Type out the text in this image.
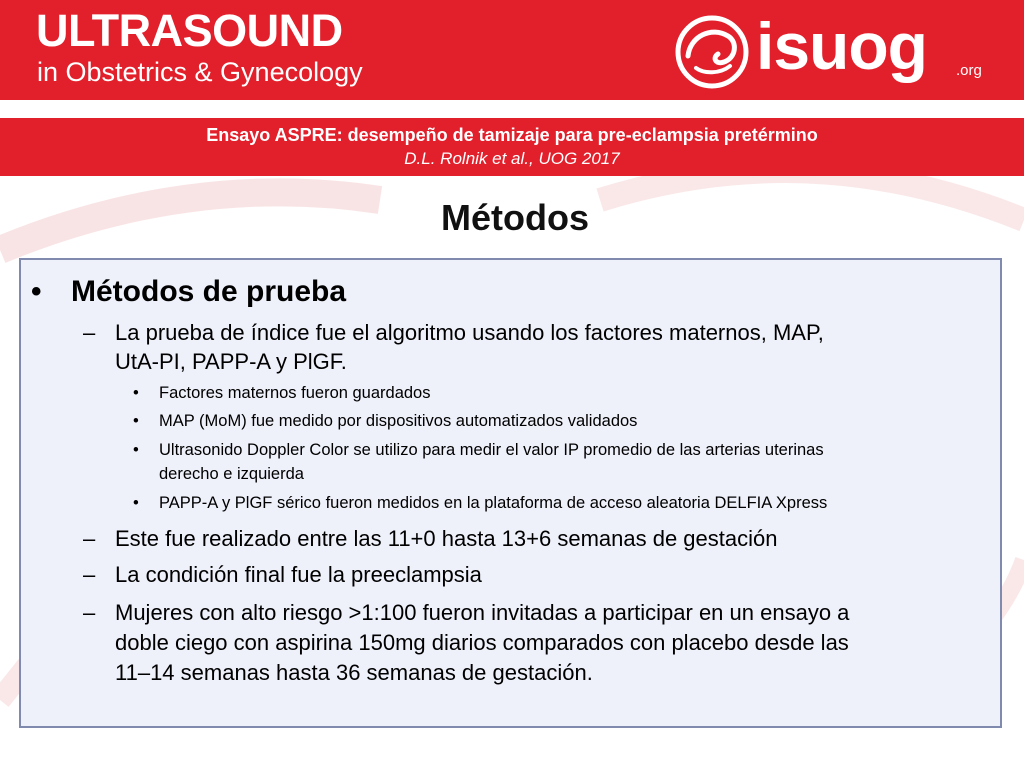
ULTRASOUND
in Obstetrics & Gynecology	isuog .org
Ensayo ASPRE: desempeño de tamizaje para pre-eclampsia pretérmino
D.L. Rolnik et al., UOG 2017
Métodos
• Métodos de prueba
– La prueba de índice fue el algoritmo usando los factores maternos, MAP,
UtA-PI, PAPP-A y PlGF.
• Factores maternos fueron guardados
• MAP (MoM) fue medido por dispositivos automatizados validados
• Ultrasonido Doppler Color se utilizo para medir el valor IP promedio de las arterias uterinas
derecho e izquierda
• PAPP-A y PlGF sérico fueron medidos en la plataforma de acceso aleatoria DELFIA Xpress
– Este fue realizado entre las 11+0 hasta 13+6 semanas de gestación
– La condición final fue la preeclampsia
– Mujeres con alto riesgo >1:100 fueron invitadas a participar en un ensayo a
doble ciego con aspirina 150mg diarios comparados con placebo desde las
11–14 semanas hasta 36 semanas de gestación.
